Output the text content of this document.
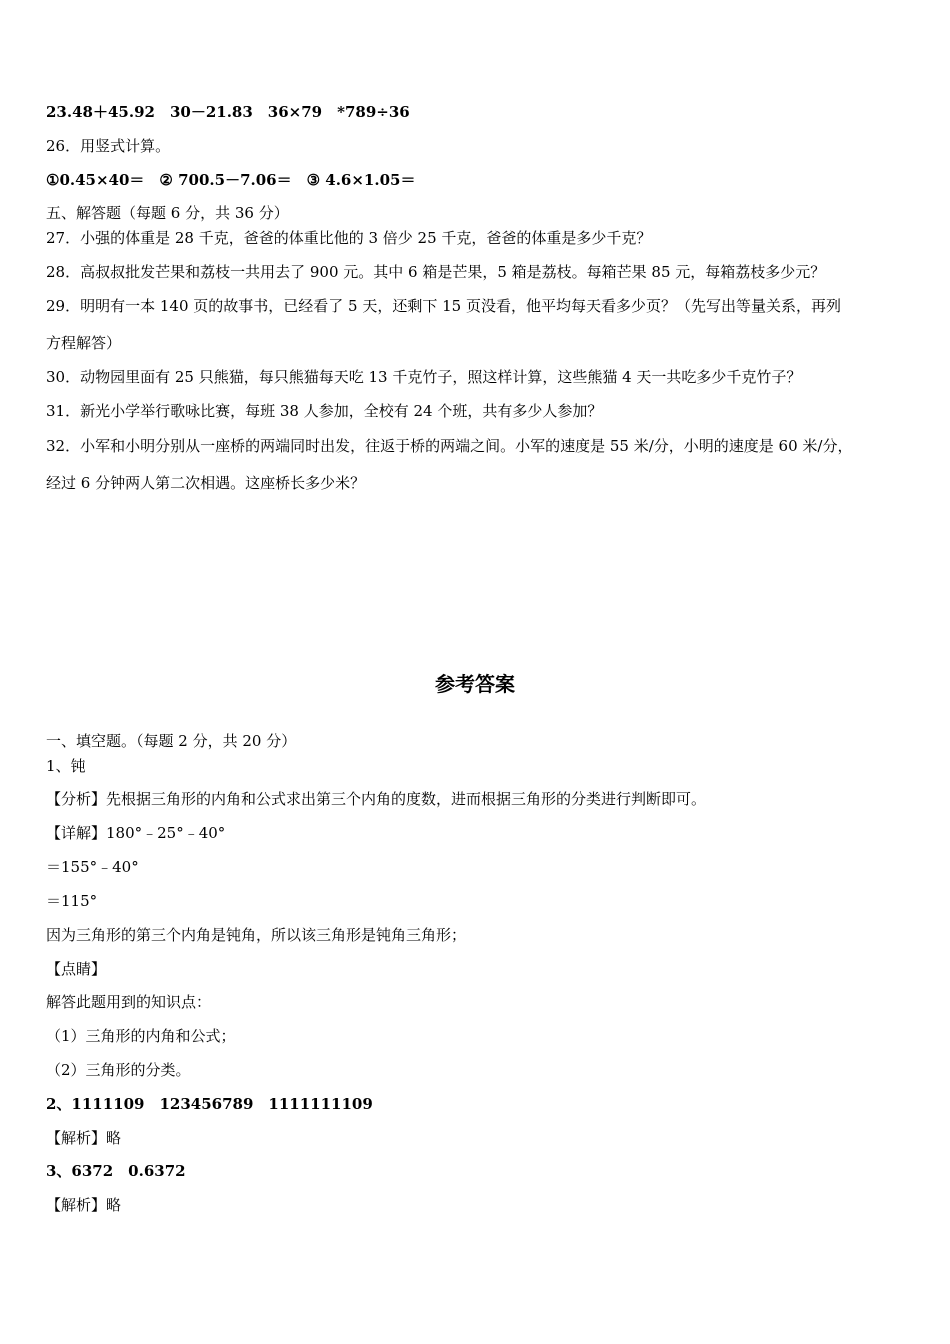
23.48＋45.92　30－21.83　36×79　*789÷36
26．用竖式计算。
①0.45×40＝　② 700.5－7.06＝　③ 4.6×1.05＝
五、解答题（每题 6 分，共 36 分）
27．小强的体重是 28 千克，爸爸的体重比他的 3 倍少 25 千克，爸爸的体重是多少千克？
28．高叔叔批发芒果和荔枝一共用去了 900 元。其中 6 箱是芒果，5 箱是荔枝。每箱芒果 85 元，每箱荔枝多少元？
29．明明有一本 140 页的故事书，已经看了 5 天，还剩下 15 页没看，他平均每天看多少页？（先写出等量关系，再列
方程解答）
30．动物园里面有 25 只熊猫，每只熊猫每天吃 13 千克竹子，照这样计算，这些熊猫 4 天一共吃多少千克竹子？
31．新光小学举行歌咏比赛，每班 38 人参加，全校有 24 个班，共有多少人参加？
32．小军和小明分别从一座桥的两端同时出发，往返于桥的两端之间。小军的速度是 55 米/分，小明的速度是 60 米/分，
经过 6 分钟两人第二次相遇。这座桥长多少米？
参考答案
一、填空题。（每题 2 分，共 20 分）
1、钝
【分析】先根据三角形的内角和公式求出第三个内角的度数，进而根据三角形的分类进行判断即可。
【详解】180°﹣25°﹣40°
＝155°﹣40°
＝115°
因为三角形的第三个内角是钝角，所以该三角形是钝角三角形；
【点睛】
解答此题用到的知识点：
（1）三角形的内角和公式；
（2）三角形的分类。
2、1111109　123456789　1111111109
【解析】略
3、6372　0.6372
【解析】略
